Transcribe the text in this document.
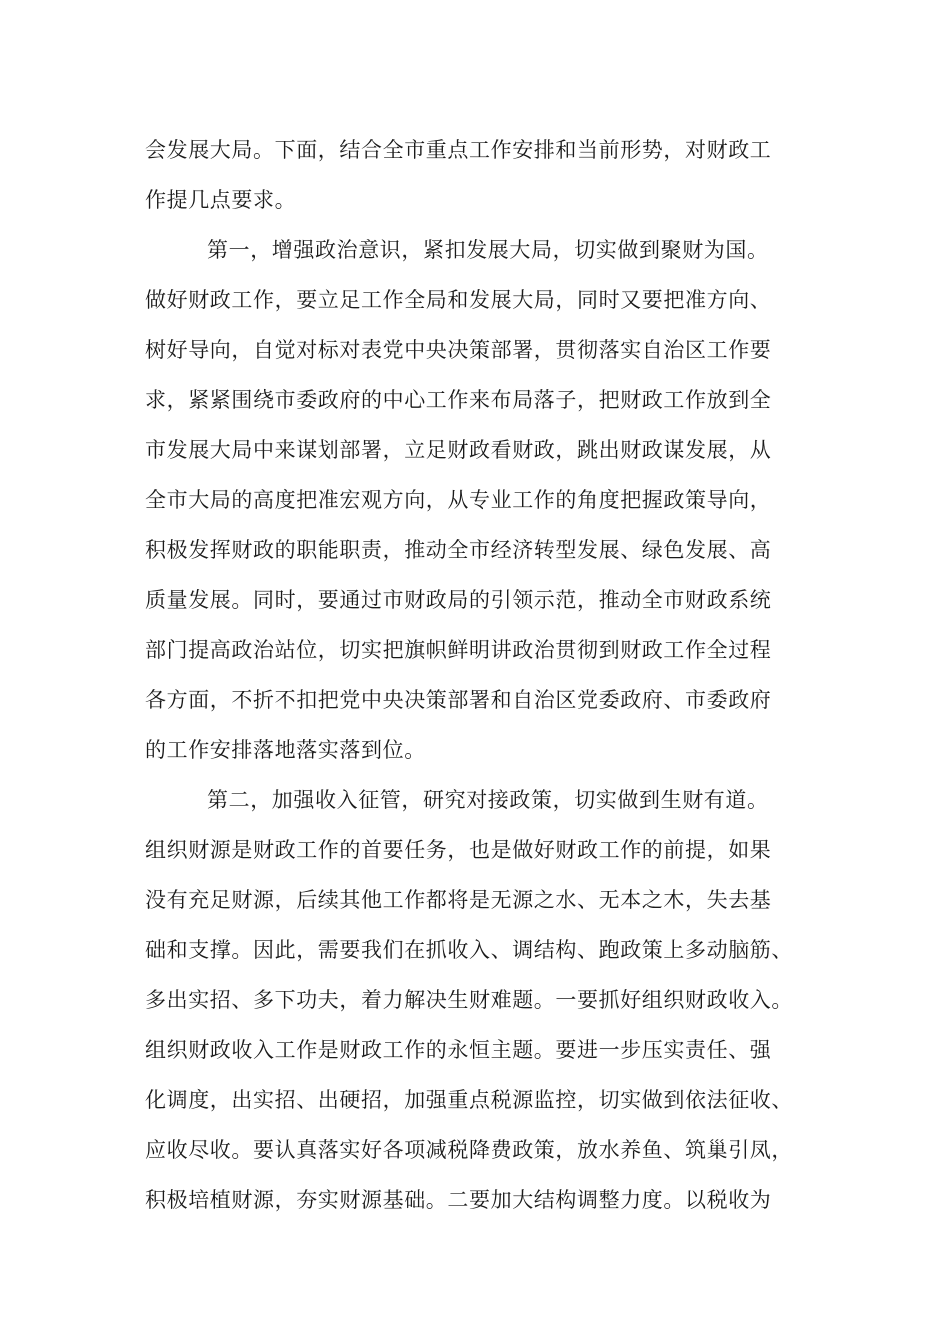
会发展大局。下面，结合全市重点工作安排和当前形势，对财政工
作提几点要求。
第一，增强政治意识，紧扣发展大局，切实做到聚财为国。
做好财政工作，要立足工作全局和发展大局，同时又要把准方向、
树好导向，自觉对标对表党中央决策部署，贯彻落实自治区工作要
求，紧紧围绕市委政府的中心工作来布局落子，把财政工作放到全
市发展大局中来谋划部署，立足财政看财政，跳出财政谋发展，从
全市大局的高度把准宏观方向，从专业工作的角度把握政策导向，
积极发挥财政的职能职责，推动全市经济转型发展、绿色发展、高
质量发展。同时，要通过市财政局的引领示范，推动全市财政系统
部门提高政治站位，切实把旗帜鲜明讲政治贯彻到财政工作全过程
各方面，不折不扣把党中央决策部署和自治区党委政府、市委政府
的工作安排落地落实落到位。
第二，加强收入征管，研究对接政策，切实做到生财有道。
组织财源是财政工作的首要任务，也是做好财政工作的前提，如果
没有充足财源，后续其他工作都将是无源之水、无本之木，失去基
础和支撑。因此，需要我们在抓收入、调结构、跑政策上多动脑筋、
多出实招、多下功夫，着力解决生财难题。一要抓好组织财政收入。
组织财政收入工作是财政工作的永恒主题。要进一步压实责任、强
化调度，出实招、出硬招，加强重点税源监控，切实做到依法征收、
应收尽收。要认真落实好各项减税降费政策，放水养鱼、筑巢引凤，
积极培植财源，夯实财源基础。二要加大结构调整力度。以税收为
